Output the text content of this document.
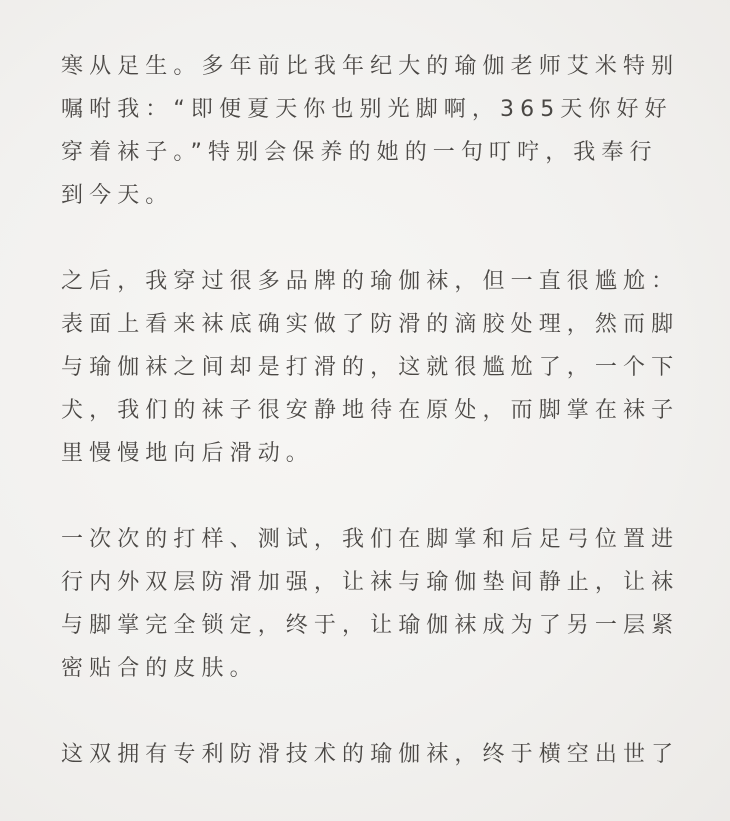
寒从足生。多年前比我年纪大的瑜伽老师艾米特别
嘱咐我：“即便夏天你也别光脚啊，365天你好好
穿着袜子。”特别会保养的她的一句叮咛，我奉行
到今天。
之后，我穿过很多品牌的瑜伽袜，但一直很尴尬：
表面上看来袜底确实做了防滑的滴胶处理，然而脚
与瑜伽袜之间却是打滑的，这就很尴尬了，一个下
犬，我们的袜子很安静地待在原处，而脚掌在袜子
里慢慢地向后滑动。
一次次的打样、测试，我们在脚掌和后足弓位置进
行内外双层防滑加强，让袜与瑜伽垫间静止，让袜
与脚掌完全锁定，终于，让瑜伽袜成为了另一层紧
密贴合的皮肤。
这双拥有专利防滑技术的瑜伽袜，终于横空出世了
